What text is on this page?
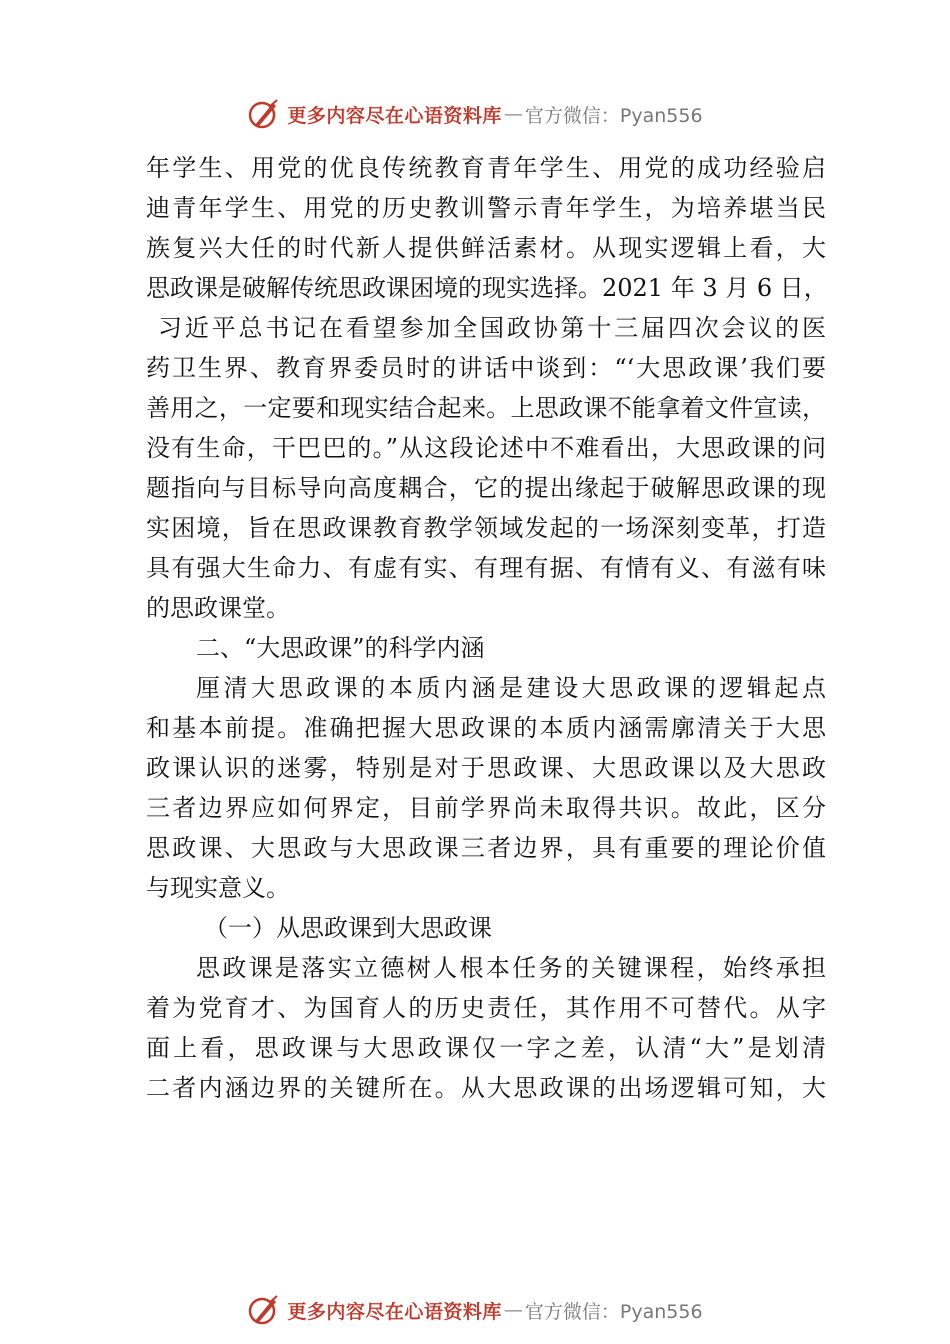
更多内容尽在心语资料库 — 官方微信：Pyan556
年学生、用党的优良传统教育青年学生、用党的成功经验启
迪青年学生、用党的历史教训警示青年学生，为培养堪当民
族复兴大任的时代新人提供鲜活素材。从现实逻辑上看，大
思政课是破解传统思政课困境的现实选择。2021 年 3 月 6 日，
习近平总书记在看望参加全国政协第十三届四次会议的医
药卫生界、教育界委员时的讲话中谈到：“‘大思政课’我们要
善用之，一定要和现实结合起来。上思政课不能拿着文件宣读，
没有生命，干巴巴的。”从这段论述中不难看出，大思政课的问
题指向与目标导向高度耦合，它的提出缘起于破解思政课的现
实困境，旨在思政课教育教学领域发起的一场深刻变革，打造
具有强大生命力、有虚有实、有理有据、有情有义、有滋有味
的思政课堂。
二、“大思政课”的科学内涵
厘清大思政课的本质内涵是建设大思政课的逻辑起点
和基本前提。准确把握大思政课的本质内涵需廓清关于大思
政课认识的迷雾，特别是对于思政课、大思政课以及大思政
三者边界应如何界定，目前学界尚未取得共识。故此，区分
思政课、大思政与大思政课三者边界，具有重要的理论价值
与现实意义。
（一）从思政课到大思政课
思政课是落实立德树人根本任务的关键课程，始终承担
着为党育才、为国育人的历史责任，其作用不可替代。从字
面上看，思政课与大思政课仅一字之差，认清“大”是划清
二者内涵边界的关键所在。从大思政课的出场逻辑可知，大
更多内容尽在心语资料库 — 官方微信：Pyan556
